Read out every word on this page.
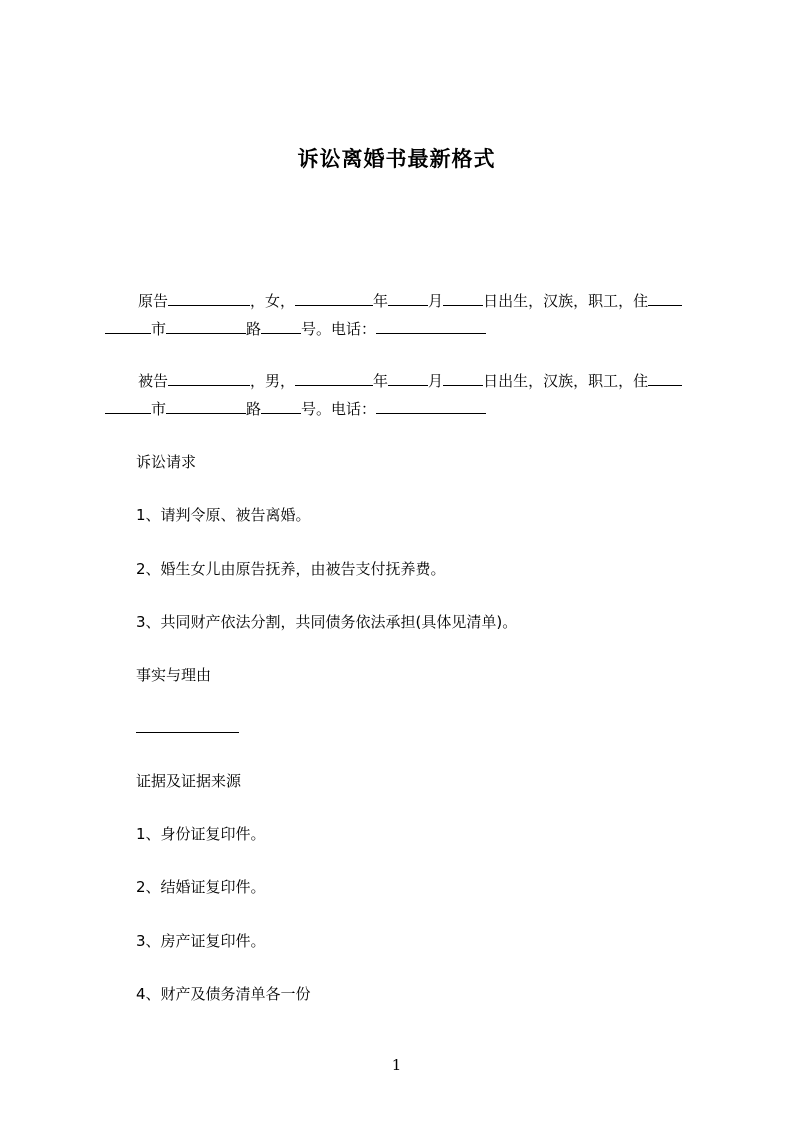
诉讼离婚书最新格式
原告	，女，	年	月	日出生，汉族，职工，住
市	路	号。电话：
被告	，男，	年	月	日出生，汉族，职工，住
市	路	号。电话：
诉讼请求
1、请判令原、被告离婚。
2、婚生女儿由原告抚养，由被告支付抚养费。
3、共同财产依法分割，共同债务依法承担(具体见清单)。
事实与理由
证据及证据来源
1、身份证复印件。
2、结婚证复印件。
3、房产证复印件。
4、财产及债务清单各一份
1
